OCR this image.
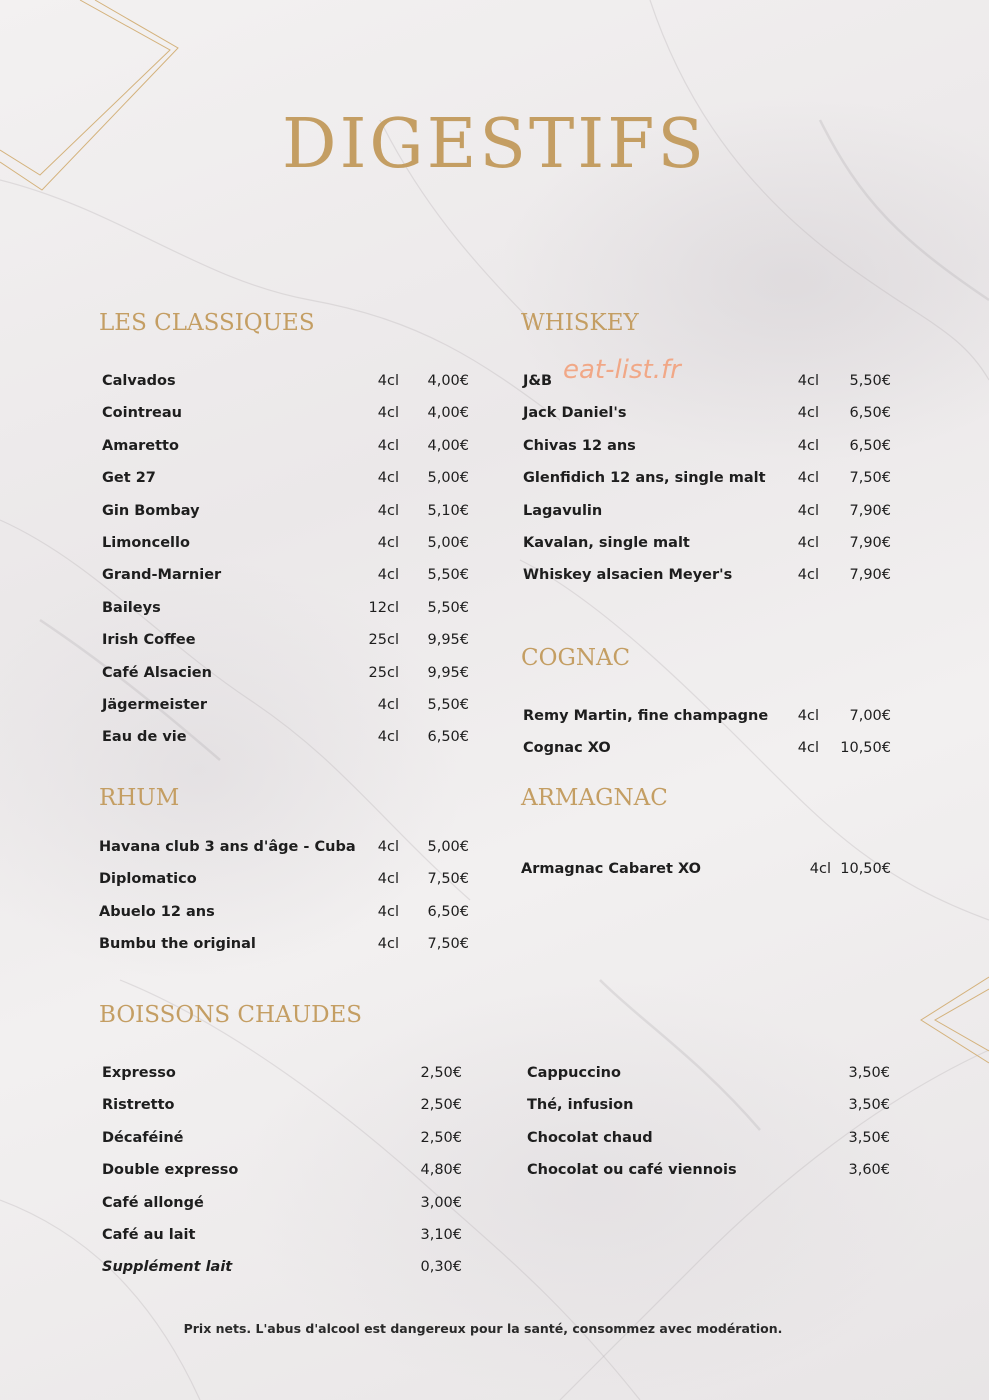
DIGESTIFS
eat-list.fr
LES CLASSIQUES
Calvados	4cl 4,00€
Cointreau	4cl 4,00€
Amaretto	4cl 4,00€
Get 27	4cl 5,00€
Gin Bombay	4cl 5,10€
Limoncello	4cl 5,00€
Grand-Marnier	4cl 5,50€
Baileys	12cl 5,50€
Irish Coffee	25cl 9,95€
Café Alsacien	25cl 9,95€
Jägermeister	4cl 5,50€
Eau de vie	4cl 6,50€
WHISKEY
J&B	4cl 5,50€
Jack Daniel's	4cl 6,50€
Chivas 12 ans	4cl 6,50€
Glenfidich 12 ans, single malt 4cl 7,50€
Lagavulin	4cl 7,90€
Kavalan, single malt	4cl 7,90€
Whiskey alsacien Meyer's	4cl 7,90€
COGNAC
Remy Martin, fine champagne 4cl 7,00€
Cognac XO	4cl 10,50€
ARMAGNAC
Armagnac Cabaret XO	4cl 10,50€
RHUM
Havana club 3 ans d'âge - Cuba 4cl 5,00€
Diplomatico	4cl 7,50€
Abuelo 12 ans	4cl 6,50€
Bumbu the original	4cl 7,50€
BOISSONS CHAUDES
Expresso	2,50€
Ristretto	2,50€
Décaféiné	2,50€
Double expresso	4,80€
Café allongé	3,00€
Café au lait	3,10€
Supplément lait	0,30€
Cappuccino	3,50€
Thé, infusion	3,50€
Chocolat chaud	3,50€
Chocolat ou café viennois	3,60€
Prix nets. L'abus d'alcool est dangereux pour la santé, consommez avec modération.
